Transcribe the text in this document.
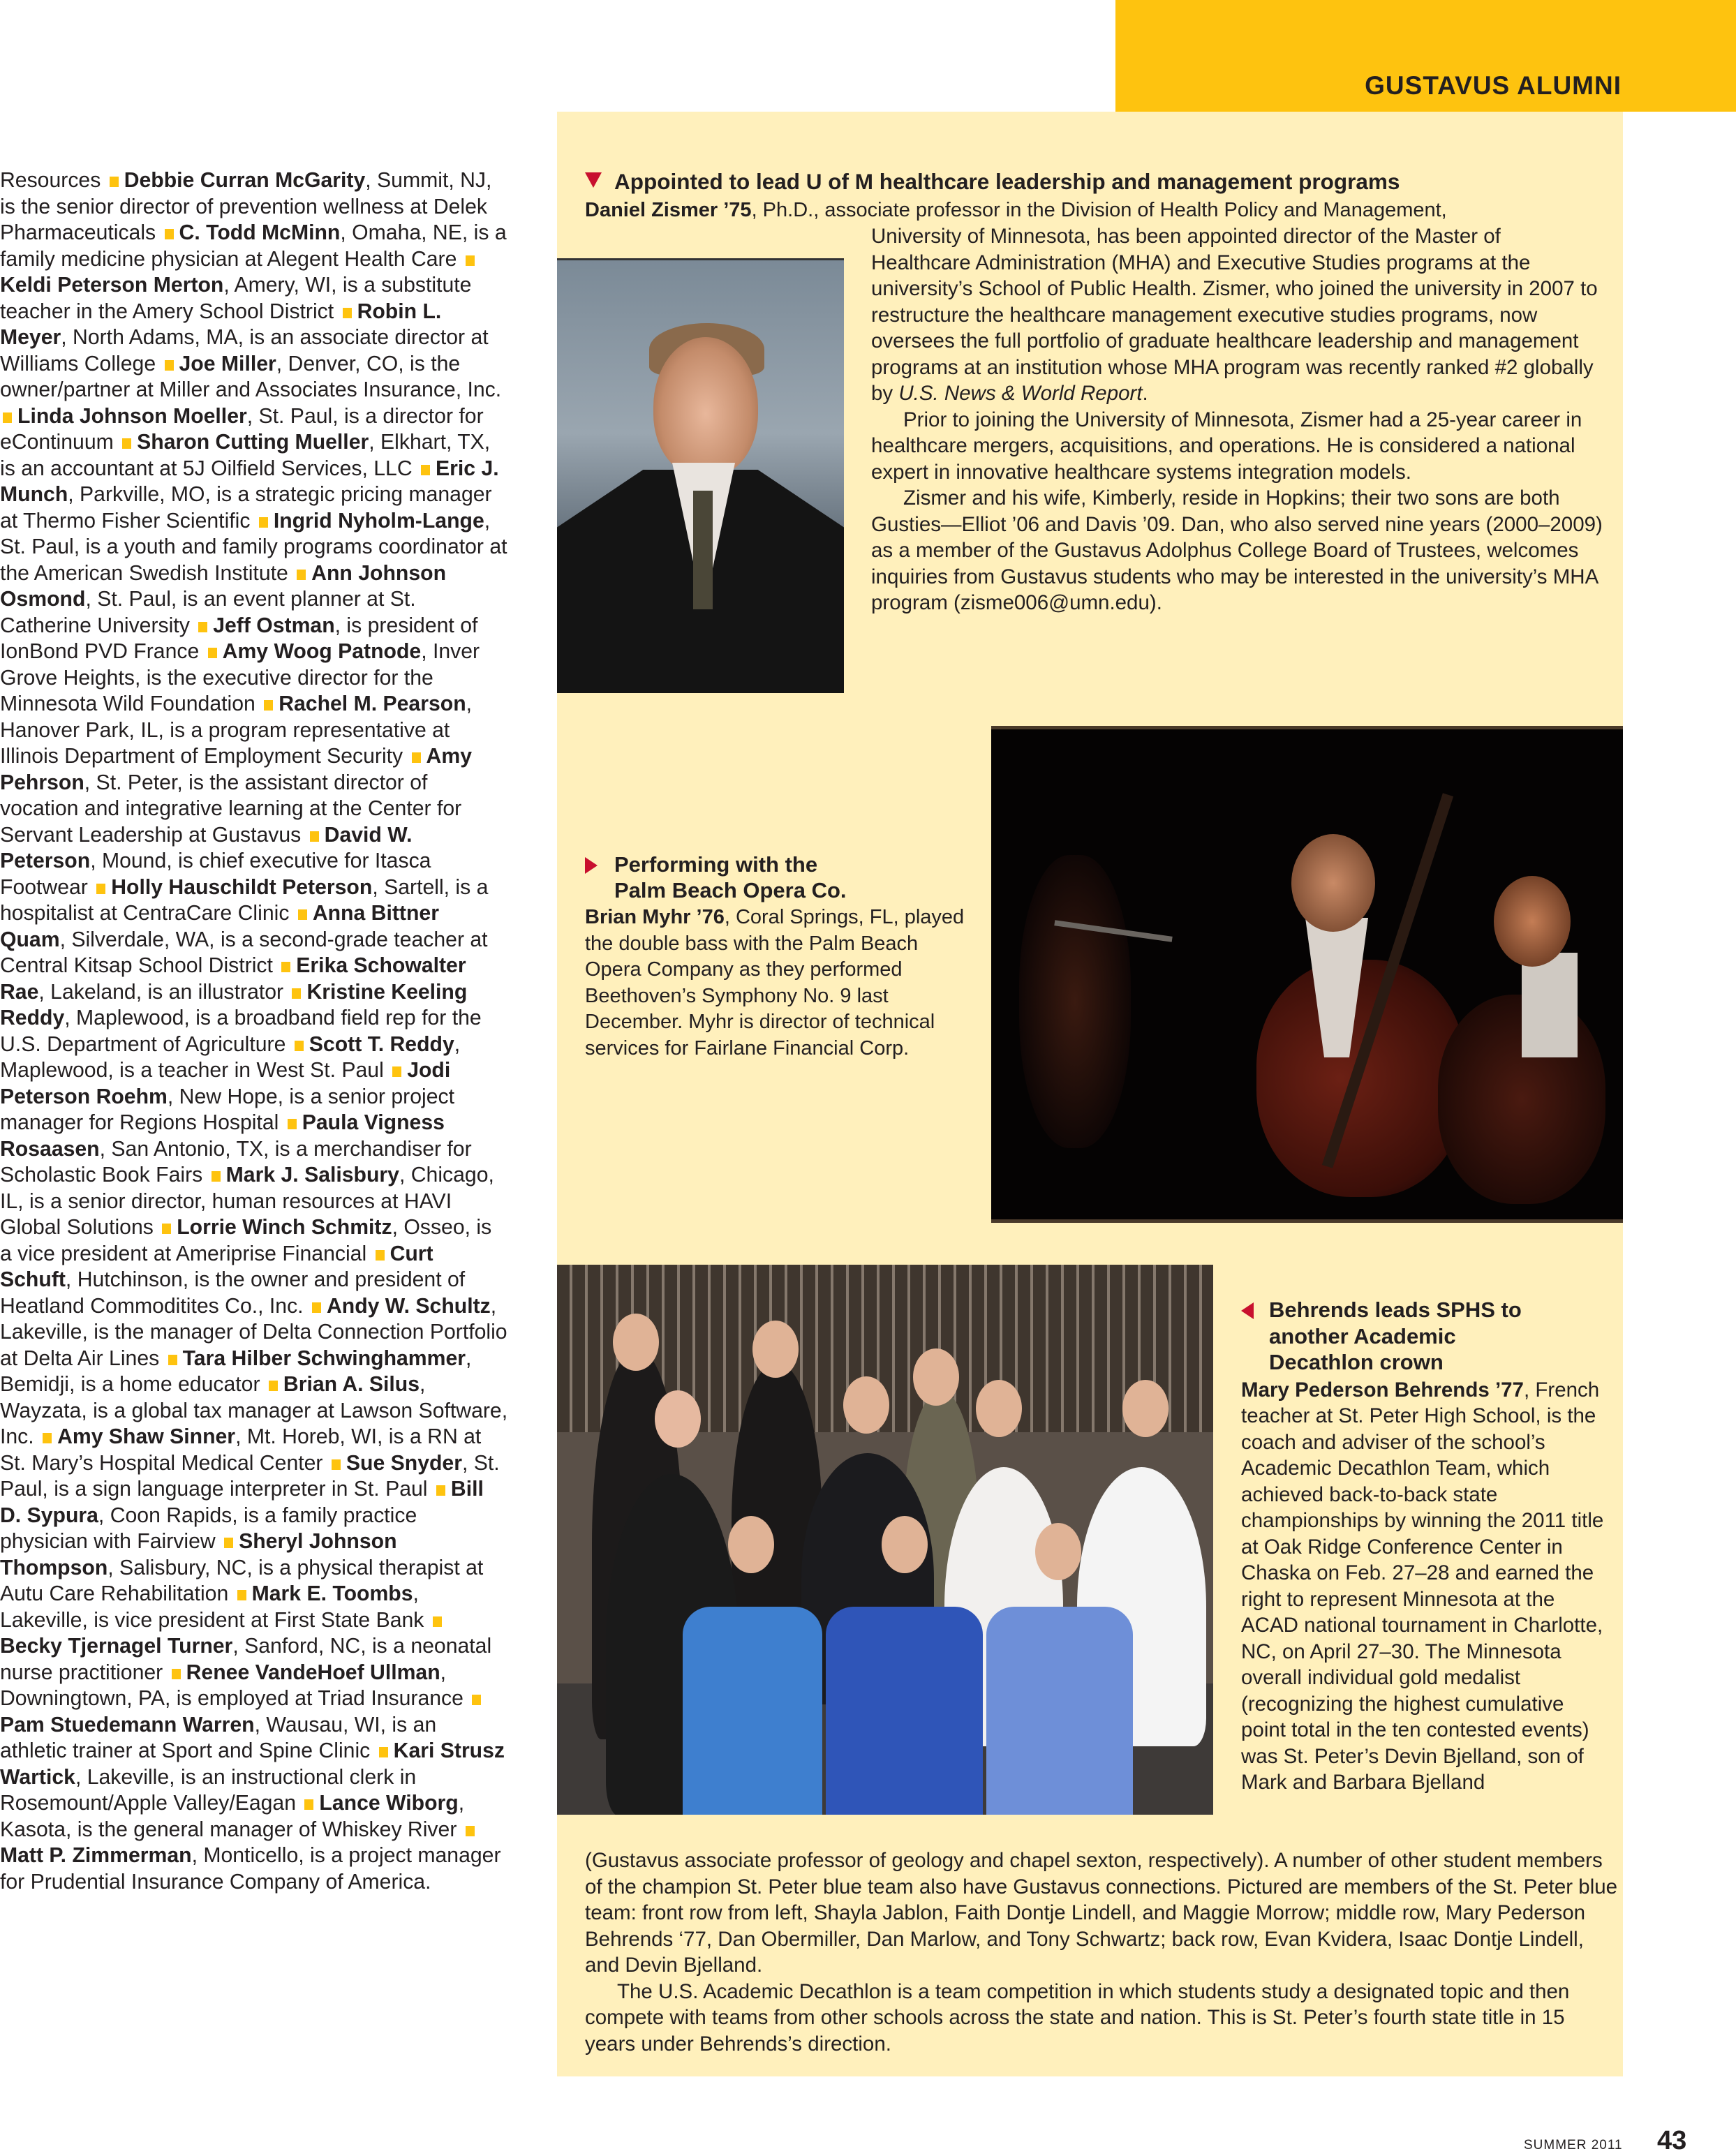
GUSTAVUS ALUMNI
Resources Debbie Curran McGarity, Summit, NJ, is the senior director of prevention wellness at Delek Pharmaceuticals C. Todd McMinn, Omaha, NE, is a family medicine physician at Alegent Health Care Keldi Peterson Merton, Amery, WI, is a substitute teacher in the Amery School District Robin L. Meyer, North Adams, MA, is an associate director at Williams College Joe Miller, Denver, CO, is the owner/partner at Miller and Associates Insurance, Inc. Linda Johnson Moeller, St. Paul, is a director for eContinuum Sharon Cutting Mueller, Elkhart, TX, is an accountant at 5J Oilfield Services, LLC Eric J. Munch, Parkville, MO, is a strategic pricing manager at Thermo Fisher Scientific Ingrid Nyholm-Lange, St. Paul, is a youth and family programs coordinator at the American Swedish Institute Ann Johnson Osmond, St. Paul, is an event planner at St. Catherine University Jeff Ostman, is president of IonBond PVD France Amy Woog Patnode, Inver Grove Heights, is the executive director for the Minnesota Wild Foundation Rachel M. Pearson, Hanover Park, IL, is a program representative at Illinois Department of Employment Security Amy Pehrson, St. Peter, is the assistant director of vocation and integrative learning at the Center for Servant Leadership at Gustavus David W. Peterson, Mound, is chief executive for Itasca Footwear Holly Hauschildt Peterson, Sartell, is a hospitalist at CentraCare Clinic Anna Bittner Quam, Silverdale, WA, is a second-grade teacher at Central Kitsap School District Erika Schowalter Rae, Lakeland, is an illustrator Kristine Keeling Reddy, Maplewood, is a broadband field rep for the U.S. Department of Agriculture Scott T. Reddy, Maplewood, is a teacher in West St. Paul Jodi Peterson Roehm, New Hope, is a senior project manager for Regions Hospital Paula Vigness Rosaasen, San Antonio, TX, is a merchandiser for Scholastic Book Fairs Mark J. Salisbury, Chicago, IL, is a senior director, human resources at HAVI Global Solutions Lorrie Winch Schmitz, Osseo, is a vice president at Ameriprise Financial Curt Schuft, Hutchinson, is the owner and president of Heatland Commoditites Co., Inc. Andy W. Schultz, Lakeville, is the manager of Delta Connection Portfolio at Delta Air Lines Tara Hilber Schwinghammer, Bemidji, is a home educator Brian A. Silus, Wayzata, is a global tax manager at Lawson Software, Inc. Amy Shaw Sinner, Mt. Horeb, WI, is a RN at St. Mary’s Hospital Medical Center Sue Snyder, St. Paul, is a sign language interpreter in St. Paul Bill D. Sypura, Coon Rapids, is a family practice physician with Fairview Sheryl Johnson Thompson, Salisbury, NC, is a physical therapist at Autu Care Rehabilitation Mark E. Toombs, Lakeville, is vice president at First State Bank Becky Tjernagel Turner, Sanford, NC, is a neonatal nurse practitioner Renee VandeHoef Ullman, Downingtown, PA, is employed at Triad Insurance Pam Stuedemann Warren, Wausau, WI, is an athletic trainer at Sport and Spine Clinic Kari Strusz Wartick, Lakeville, is an instructional clerk in Rosemount/Apple Valley/Eagan Lance Wiborg, Kasota, is the general manager of Whiskey River Matt P. Zimmerman, Monticello, is a project manager for Prudential Insurance Company of America.
Appointed to lead U of M healthcare leadership and management programs
Daniel Zismer ’75, Ph.D., associate professor in the Division of Health Policy and Management,

University of Minnesota, has been appointed director of the Master of Healthcare Administration (MHA) and Executive Studies programs at the university’s School of Public Health. Zismer, who joined the university in 2007 to restructure the healthcare management executive studies programs, now oversees the full portfolio of graduate healthcare leadership and management programs at an institution whose MHA program was recently ranked #2 globally by U.S. News & World Report.

Prior to joining the University of Minnesota, Zismer had a 25-year career in healthcare mergers, acquisitions, and operations. He is considered a national expert in innovative healthcare systems integration models.

Zismer and his wife, Kimberly, reside in Hopkins; their two sons are both Gusties—Elliot ’06 and Davis ’09. Dan, who also served nine years (2000–2009) as a member of the Gustavus Adolphus College Board of Trustees, welcomes inquiries from Gustavus students who may be interested in the university’s MHA program (zisme006@umn.edu).

Performing with the
Palm Beach Opera Co.
Brian Myhr ’76, Coral Springs, FL, played the double bass with the Palm Beach Opera Company as they performed Beethoven’s Symphony No. 9 last December. Myhr is director of technical services for Fairlane Financial Corp.
Behrends leads SPHS to
another Academic
Decathlon crown
Mary Pederson Behrends ’77, French teacher at St. Peter High School, is the coach and adviser of the school’s Academic Decathlon Team, which achieved back-to-back state championships by winning the 2011 title at Oak Ridge Conference Center in Chaska on Feb. 27–28 and earned the right to represent Minnesota at the ACAD national tournament in Charlotte, NC, on April 27–30. The Minnesota overall individual gold medalist (recognizing the highest cumulative point total in the ten contested events) was St. Peter’s Devin Bjelland, son of Mark and Barbara Bjelland

(Gustavus associate professor of geology and chapel sexton, respectively). A number of other student members of the champion St. Peter blue team also have Gustavus connections. Pictured are members of the St. Peter blue team: front row from left, Shayla Jablon, Faith Dontje Lindell, and Maggie Morrow; middle row, Mary Pederson Behrends ‘77, Dan Obermiller, Dan Marlow, and Tony Schwartz; back row, Evan Kvidera, Isaac Dontje Lindell, and Devin Bjelland.

The U.S. Academic Decathlon is a team competition in which students study a designated topic and then compete with teams from other schools across the state and nation. This is St. Peter’s fourth state title in 15 years under Behrends’s direction.

SUMMER 2011 43
